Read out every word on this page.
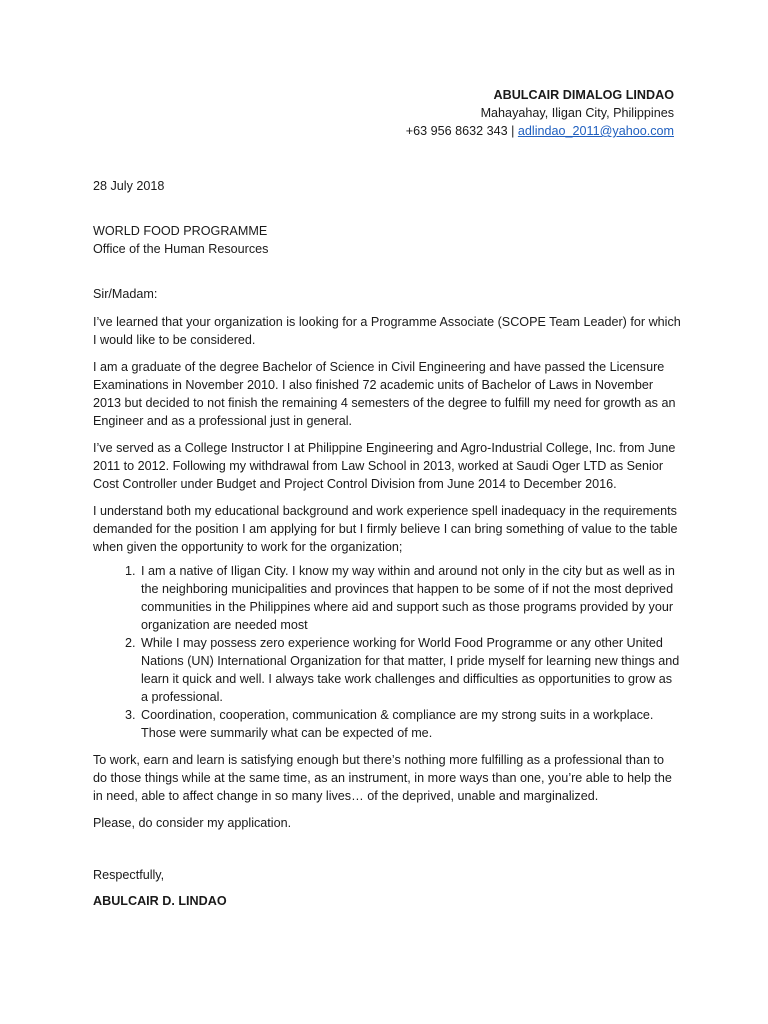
ABULCAIR DIMALOG LINDAO
Mahayahay, Iligan City, Philippines
+63 956 8632 343 | adlindao_2011@yahoo.com
28 July 2018
WORLD FOOD PROGRAMME
Office of the Human Resources
Sir/Madam:

I’ve learned that your organization is looking for a Programme Associate (SCOPE Team Leader) for which I would like to be considered.

I am a graduate of the degree Bachelor of Science in Civil Engineering and have passed the Licensure Examinations in November 2010. I also finished 72 academic units of Bachelor of Laws in November 2013 but decided to not finish the remaining 4 semesters of the degree to fulfill my need for growth as an Engineer and as a professional just in general.

I’ve served as a College Instructor I at Philippine Engineering and Agro-Industrial College, Inc. from June 2011 to 2012. Following my withdrawal from Law School in 2013, worked at Saudi Oger LTD as Senior Cost Controller under Budget and Project Control Division from June 2014 to December 2016.

I understand both my educational background and work experience spell inadequacy in the requirements demanded for the position I am applying for but I firmly believe I can bring something of value to the table when given the opportunity to work for the organization;

1. I am a native of Iligan City. I know my way within and around not only in the city but as well as in the neighboring municipalities and provinces that happen to be some of if not the most deprived communities in the Philippines where aid and support such as those programs provided by your organization are needed most
2. While I may possess zero experience working for World Food Programme or any other United Nations (UN) International Organization for that matter, I pride myself for learning new things and learn it quick and well. I always take work challenges and difficulties as opportunities to grow as a professional.
3. Coordination, cooperation, communication & compliance are my strong suits in a workplace. Those were summarily what can be expected of me.

To work, earn and learn is satisfying enough but there’s nothing more fulfilling as a professional than to do those things while at the same time, as an instrument, in more ways than one, you’re able to help the in need, able to affect change in so many lives… of the deprived, unable and marginalized.

Please, do consider my application.

Respectfully,
ABULCAIR D. LINDAO
